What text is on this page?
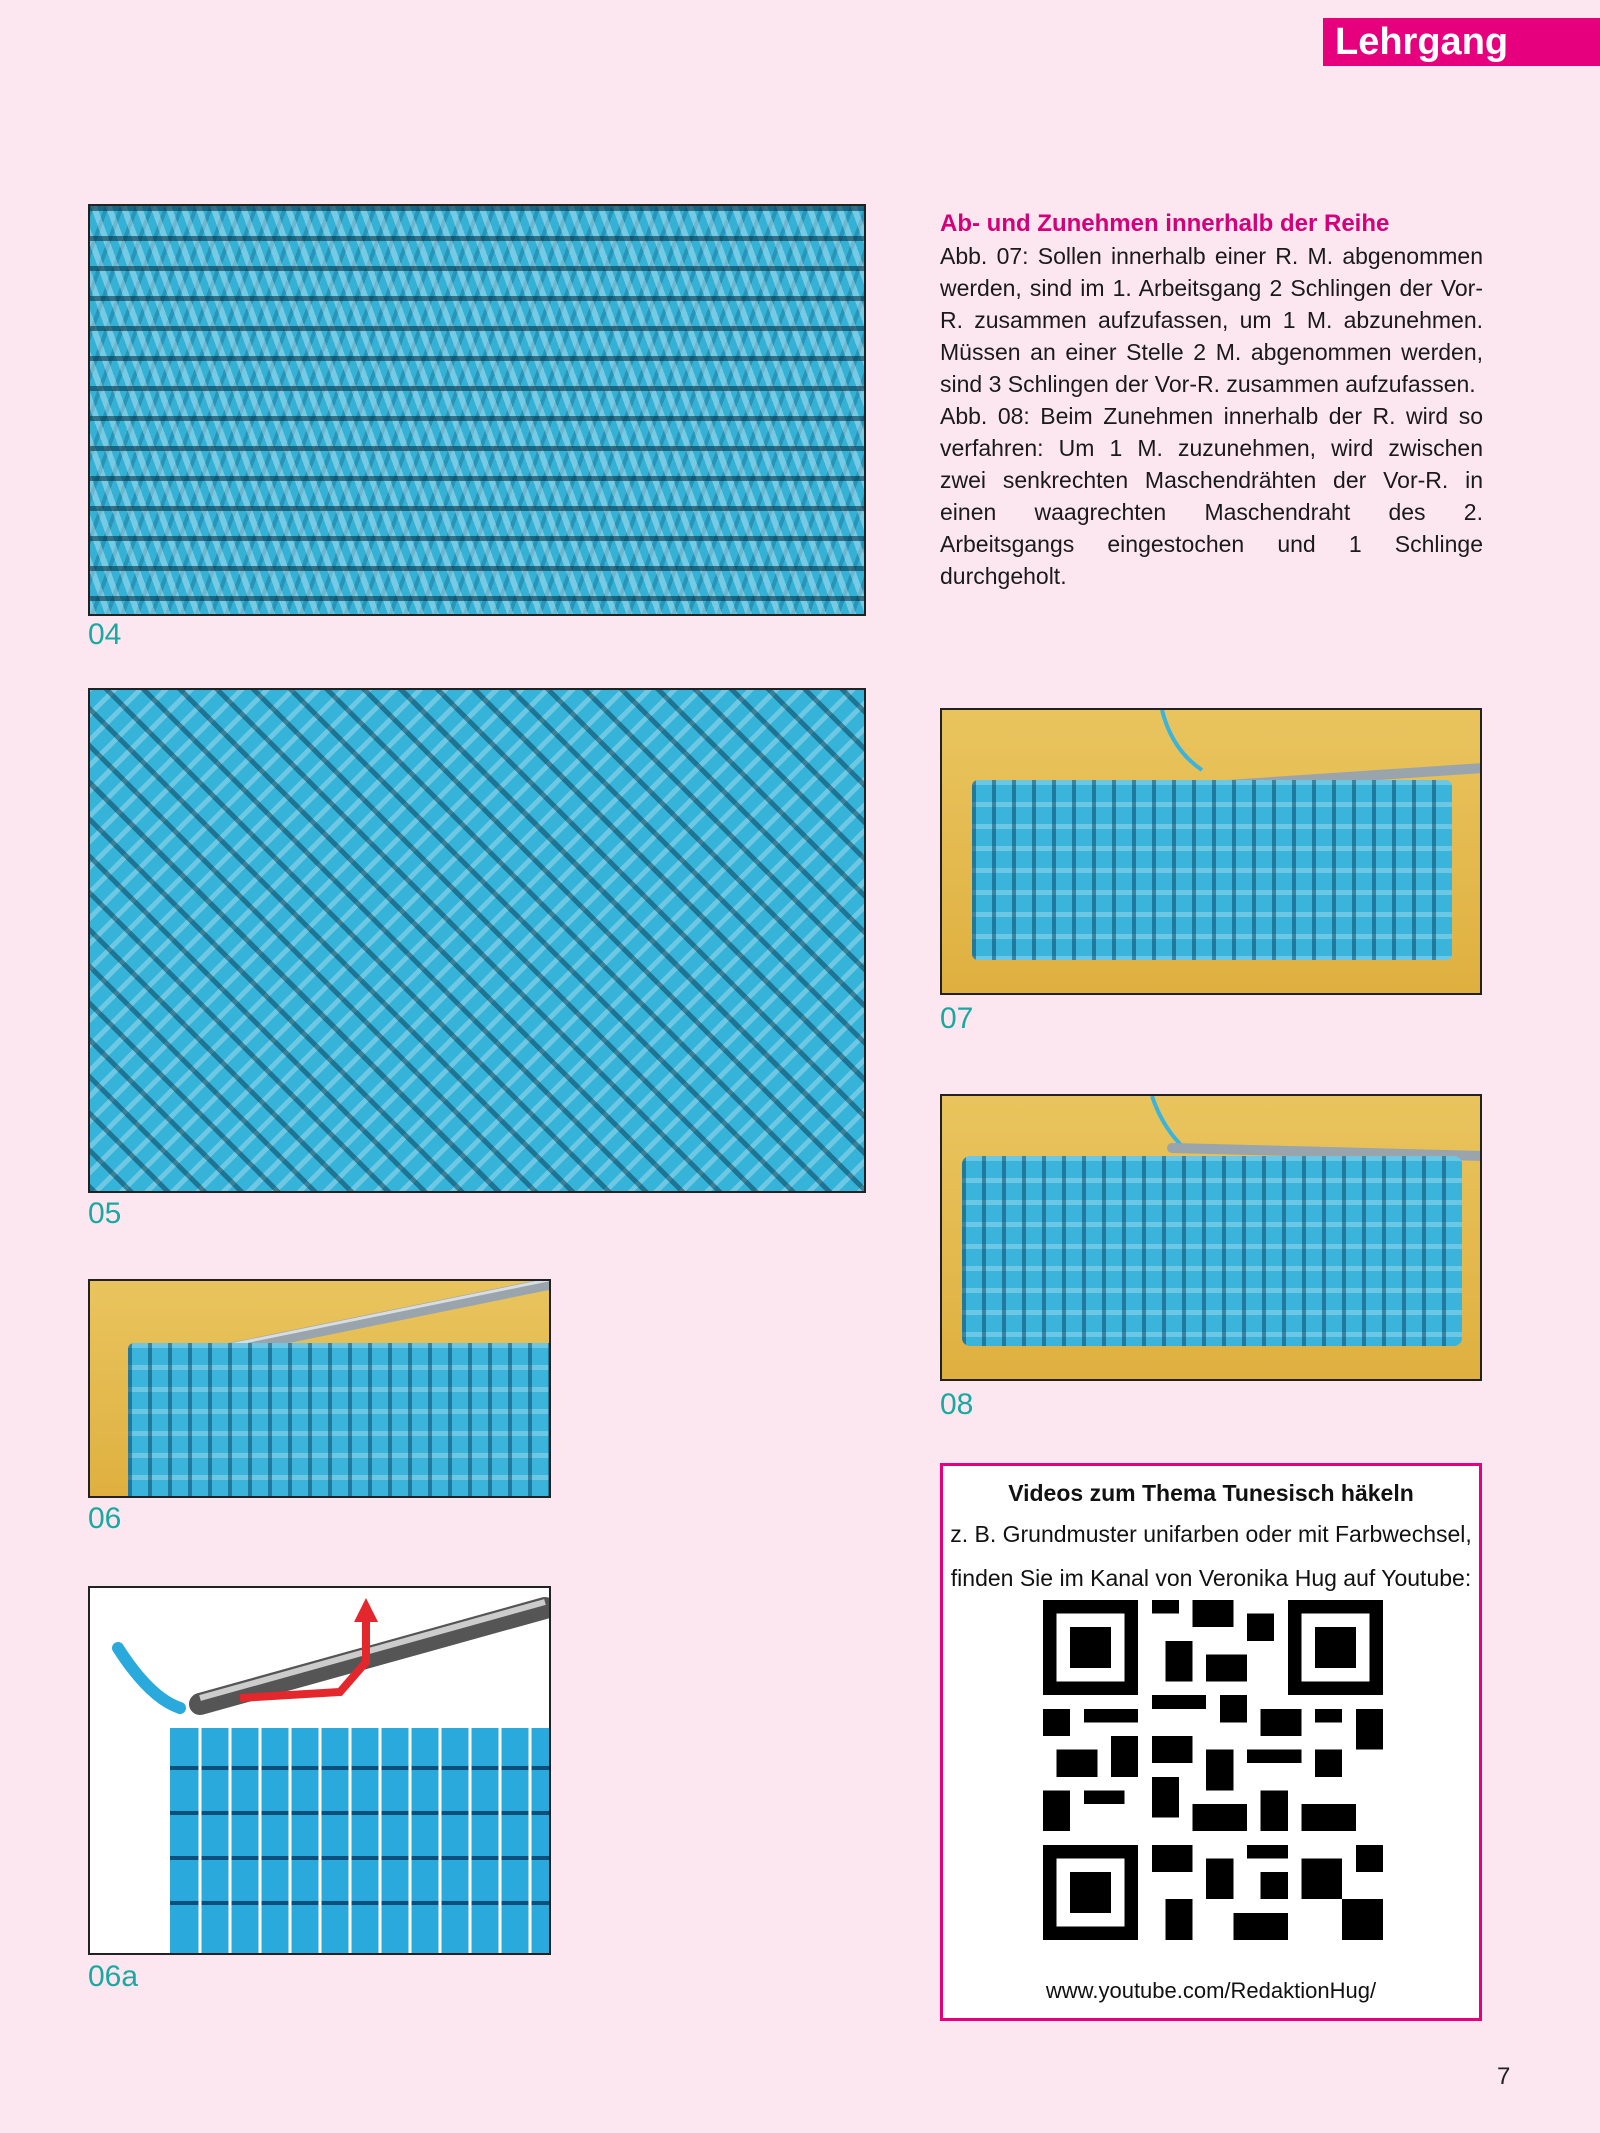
Lehrgang
04
05
06
06a
Ab- und Zunehmen innerhalb der Reihe

Abb. 07: Sollen innerhalb einer R. M. abgenommen werden, sind im 1. Arbeitsgang 2 Schlingen der Vor-R. zusammen aufzufassen, um 1 M. abzunehmen. Müssen an einer Stelle 2 M. abgenommen werden, sind 3 Schlingen der Vor-R. zusammen aufzufassen.

Abb. 08: Beim Zunehmen innerhalb der R. wird so verfahren: Um 1 M. zuzunehmen, wird zwischen zwei senkrechten Maschendrähten der Vor-R. in einen waagrechten Maschendraht des 2. Arbeitsgangs eingestochen und 1 Schlinge durchgeholt.

07
08
Videos zum Thema Tunesisch häkeln
z. B. Grundmuster unifarben oder mit Farbwechsel,
finden Sie im Kanal von Veronika Hug auf Youtube:
www.youtube.com/RedaktionHug/
7
